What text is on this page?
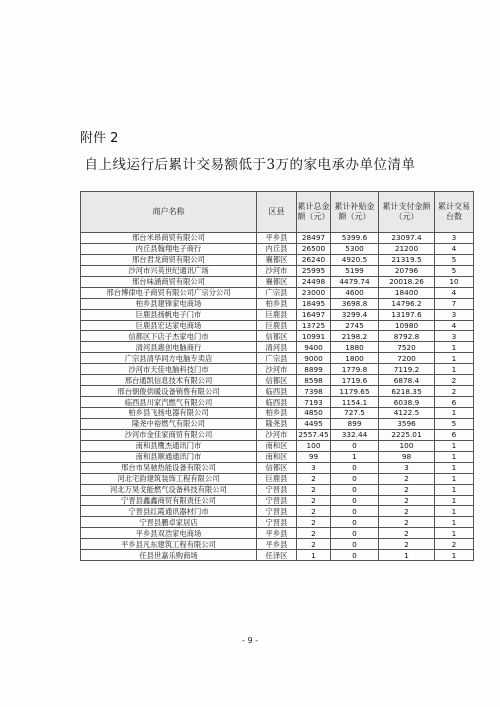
附件 2
自上线运行后累计交易额低于3万的家电承办单位清单
商户名称	区县	累计总金额（元）	累计补贴金额（元）	累计支付金额（元）	累计交易台数
邢台米昂商贸有限公司	平乡县	28497	5399.6	23097.4	3
内丘县翰翔电子商行	内丘县	26500	5300	21200	4
邢台君龙商贸有限公司	襄都区	26240	4920.5	21319.5	5
沙河市兴英世纪通讯广场	沙河市	25995	5199	20796	5
邢台味涵商贸有限公司	襄都区	24498	4479.74	20018.26	10
邢台博律电子商贸有限公司广宗分公司	广宗县	23000	4600	18400	4
柏乡县建锋家电商场	柏乡县	18495	3698.8	14796.2	7
巨鹿县扬帆电子门市	巨鹿县	16497	3299.4	13197.6	3
巨鹿县宏达家电商场	巨鹿县	13725	2745	10980	4
信都区下店子杰家电门市	信都区	10991	2198.2	8792.8	3
清河县惠创电脑商行	清河县	9400	1880	7520	1
广宗县清华同方电脑专卖店	广宗县	9000	1800	7200	1
沙河市天佳电脑科技门市	沙河市	8899	1779.8	7119.2	1
邢台通凯信息技术有限公司	信都区	8598	1719.6	6878.4	2
邢台朝俊供暖设备销售有限公司	临西县	7398	1179.65	6218.35	2
临西县川家汽燃气有限公司	临西县	7193	1154.1	6038.9	6
柏乡县飞扬电器有限公司	柏乡县	4850	727.5	4122.5	1
隆尧中裕燃气有限公司	隆尧县	4495	899	3596	5
沙河市金佳家商贸有限公司	沙河市	2557.45	332.44	2225.01	6
南和县鹰杰通讯门市	南和区	100	0	100	1
南和县顺通通讯门市	南和区	99	1	98	1
邢台市昊驰热能设备有限公司	信都区	3	0	3	1
河北宅韵建筑装饰工程有限公司	巨鹿县	2	0	2	1
河北万昊戈能燃气设备科技有限公司	宁晋县	2	0	2	1
宁晋县鑫鑫商贸有限责任公司	宁晋县	2	0	2	1
宁晋县红霞通讯器材门市	宁晋县	2	0	2	1
宁晋县鹏卓家居店	宁晋县	2	0	2	1
平乡县双浩家电商场	平乡县	2	0	2	1
平乡县凡东建筑工程有限公司	平乡县	2	0	2	2
任县世嘉乐购商场	任泽区	1	0	1	1
- 9 -
